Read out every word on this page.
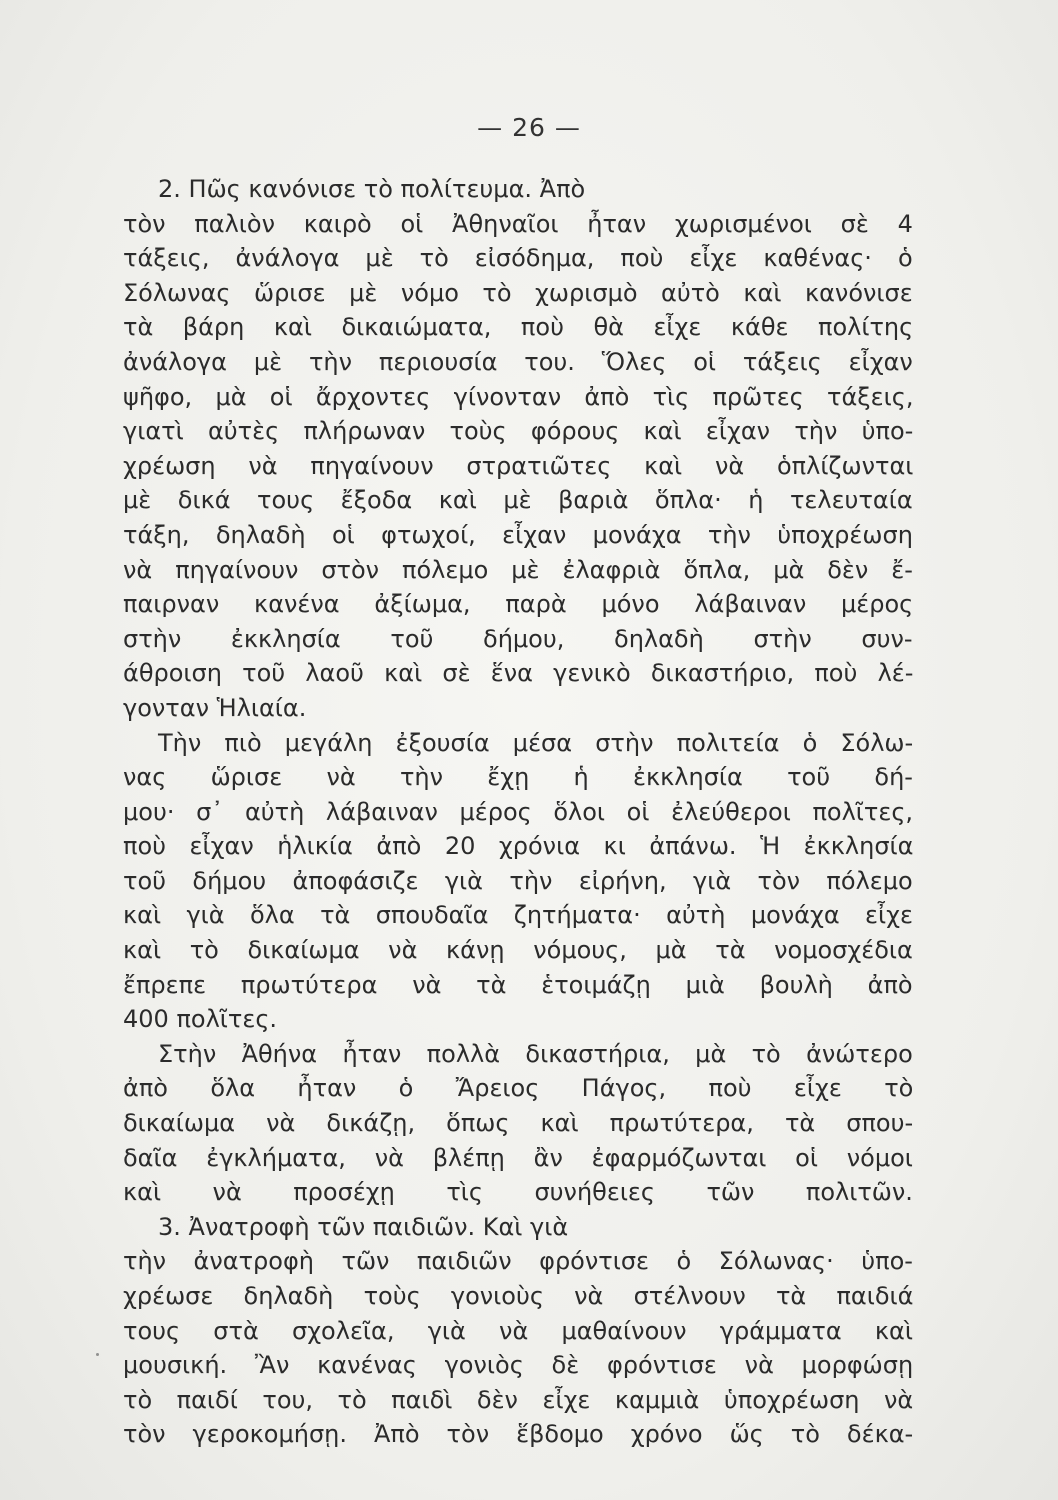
— 26 —
2. Πῶς κανόνισε τὸ πολίτευμα. Ἀπὸ
τὸν παλιὸν καιρὸ οἱ Ἀθηναῖοι ἦταν χωρισμένοι σὲ 4
τάξεις, ἀνάλογα μὲ τὸ εἰσόδημα, ποὺ εἶχε καθένας· ὁ
Σόλωνας ὥρισε μὲ νόμο τὸ χωρισμὸ αὐτὸ καὶ κανόνισε
τὰ βάρη καὶ δικαιώματα, ποὺ θὰ εἶχε κάθε πολίτης
ἀνάλογα μὲ τὴν περιουσία του. Ὅλες οἱ τάξεις εἶχαν
ψῆφο, μὰ οἱ ἄρχοντες γίνονταν ἀπὸ τὶς πρῶτες τάξεις,
γιατὶ αὐτὲς πλήρωναν τοὺς φόρους καὶ εἶχαν τὴν ὑπο-
χρέωση νὰ πηγαίνουν στρατιῶτες καὶ νὰ ὁπλίζωνται
μὲ δικά τους ἔξοδα καὶ μὲ βαριὰ ὅπλα· ἡ τελευταία
τάξη, δηλαδὴ οἱ φτωχοί, εἶχαν μονάχα τὴν ὑποχρέωση
νὰ πηγαίνουν στὸν πόλεμο μὲ ἐλαφριὰ ὅπλα, μὰ δὲν ἔ-
παιρναν κανένα ἀξίωμα, παρὰ μόνο λάβαιναν μέρος
στὴν ἐκκλησία τοῦ δήμου, δηλαδὴ στὴν συν-
άθροιση τοῦ λαοῦ καὶ σὲ ἕνα γενικὸ δικαστήριο, ποὺ λέ-
γονταν Ἡλιαία.
Τὴν πιὸ μεγάλη ἐξουσία μέσα στὴν πολιτεία ὁ Σόλω-
νας ὥρισε νὰ τὴν ἔχῃ ἡ ἐκκλησία τοῦ δή-
μου· σ᾽ αὐτὴ λάβαιναν μέρος ὅλοι οἱ ἐλεύθεροι πολῖτες,
ποὺ εἶχαν ἡλικία ἀπὸ 20 χρόνια κι ἀπάνω. Ἡ ἐκκλησία
τοῦ δήμου ἀποφάσιζε γιὰ τὴν εἰρήνη, γιὰ τὸν πόλεμο
καὶ γιὰ ὅλα τὰ σπουδαῖα ζητήματα· αὐτὴ μονάχα εἶχε
καὶ τὸ δικαίωμα νὰ κάνῃ νόμους, μὰ τὰ νομοσχέδια
ἔπρεπε πρωτύτερα νὰ τὰ ἑτοιμάζῃ μιὰ βουλὴ ἀπὸ
400 πολῖτες.
Στὴν Ἀθήνα ἦταν πολλὰ δικαστήρια, μὰ τὸ ἀνώτερο
ἀπὸ ὅλα ἦταν ὁ Ἄρειος Πάγος, ποὺ εἶχε τὸ
δικαίωμα νὰ δικάζῃ, ὅπως καὶ πρωτύτερα, τὰ σπου-
δαῖα ἐγκλήματα, νὰ βλέπῃ ἂν ἐφαρμόζωνται οἱ νόμοι
καὶ νὰ προσέχῃ τὶς συνήθειες τῶν πολιτῶν.
3. Ἀνατροφὴ τῶν παιδιῶν. Καὶ γιὰ
τὴν ἀνατροφὴ τῶν παιδιῶν φρόντισε ὁ Σόλωνας· ὑπο-
χρέωσε δηλαδὴ τοὺς γονιοὺς νὰ στέλνουν τὰ παιδιά
τους στὰ σχολεῖα, γιὰ νὰ μαθαίνουν γράμματα καὶ
μουσική. Ἂν κανένας γονιὸς δὲ φρόντισε νὰ μορφώσῃ
τὸ παιδί του, τὸ παιδὶ δὲν εἶχε καμμιὰ ὑποχρέωση νὰ
τὸν γεροκομήσῃ. Ἀπὸ τὸν ἕβδομο χρόνο ὥς τὸ δέκα-
